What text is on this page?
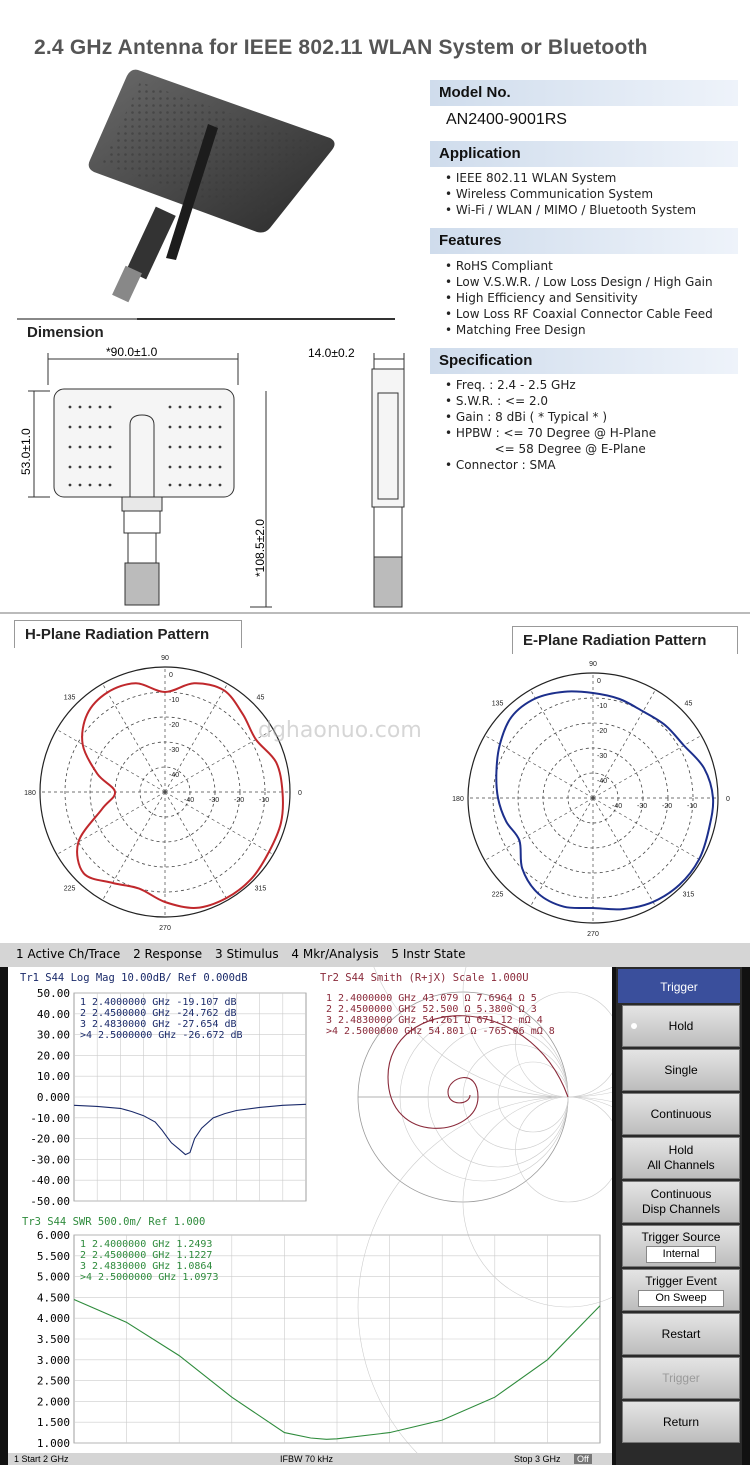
2.4 GHz Antenna for IEEE 802.11 WLAN System or Bluetooth
Model No.
AN2400-9001RS
Application
• IEEE 802.11 WLAN System
• Wireless Communication System
• Wi-Fi / WLAN / MIMO / Bluetooth System
Features
• RoHS Compliant
• Low V.S.W.R. / Low Loss Design / High Gain
• High Efficiency and Sensitivity
• Low Loss RF Coaxial Connector Cable Feed
• Matching Free Design
Specification
• Freq. : 2.4 - 2.5 GHz
• S.W.R. : <= 2.0
• Gain : 8 dBi ( * Typical * )
• HPBW : <= 70 Degree @ H-Plane
<= 58 Degree @ E-Plane
• Connector : SMA
Dimension
*90.0±1.0
53.0±1.0
*108.5±2.0
14.0±0.2
H-Plane Radiation Pattern	E-Plane Radiation Pattern
0
45
90
135
180
225
270
315
0
-10
-10
-20
-20
-30
-30
-40
-40	0
45
90
135
180
225
270
315
0
-10
-10
-20
-20
-30
-30
-40
-40
dghaonuo.com
1 Active Ch/Trace 2 Response 3 Stimulus 4 Mkr/Analysis 5 Instr State
Tr1 S44 Log Mag 10.00dB/ Ref 0.000dB
50.00
40.00
30.00
20.00
10.00
0.000
-10.00
-20.00
-30.00
-40.00
-50.00
1 2.4000000 GHz -19.107 dB
2 2.4500000 GHz -24.762 dB
3 2.4830000 GHz -27.654 dB
>4 2.5000000 GHz -26.672 dB
Tr2 S44 Smith (R+jX) Scale 1.000U
1 2.4000000 GHz 43.079 Ω 7.6964 Ω 5
2 2.4500000 GHz 52.500 Ω 5.3800 Ω 3
3 2.4830000 GHz 54.261 Ω 671.12 mΩ 4
>4 2.5000000 GHz 54.801 Ω -765.86 mΩ 8
Tr3 S44 SWR 500.0m/ Ref 1.000
6.000
5.500
5.000
4.500
4.000
3.500
3.000
2.500
2.000
1.500
1.000
1 2.4000000 GHz 1.2493
2 2.4500000 GHz 1.1227
3 2.4830000 GHz 1.0864
>4 2.5000000 GHz 1.0973
1 Start 2 GHz	IFBW 70 kHz	Stop 3 GHz	Off
Trigger
Hold
Single
Continuous
Hold
All Channels
Continuous
Disp Channels
Trigger Source
Internal
Trigger Event
On Sweep
Restart
Trigger
Return
